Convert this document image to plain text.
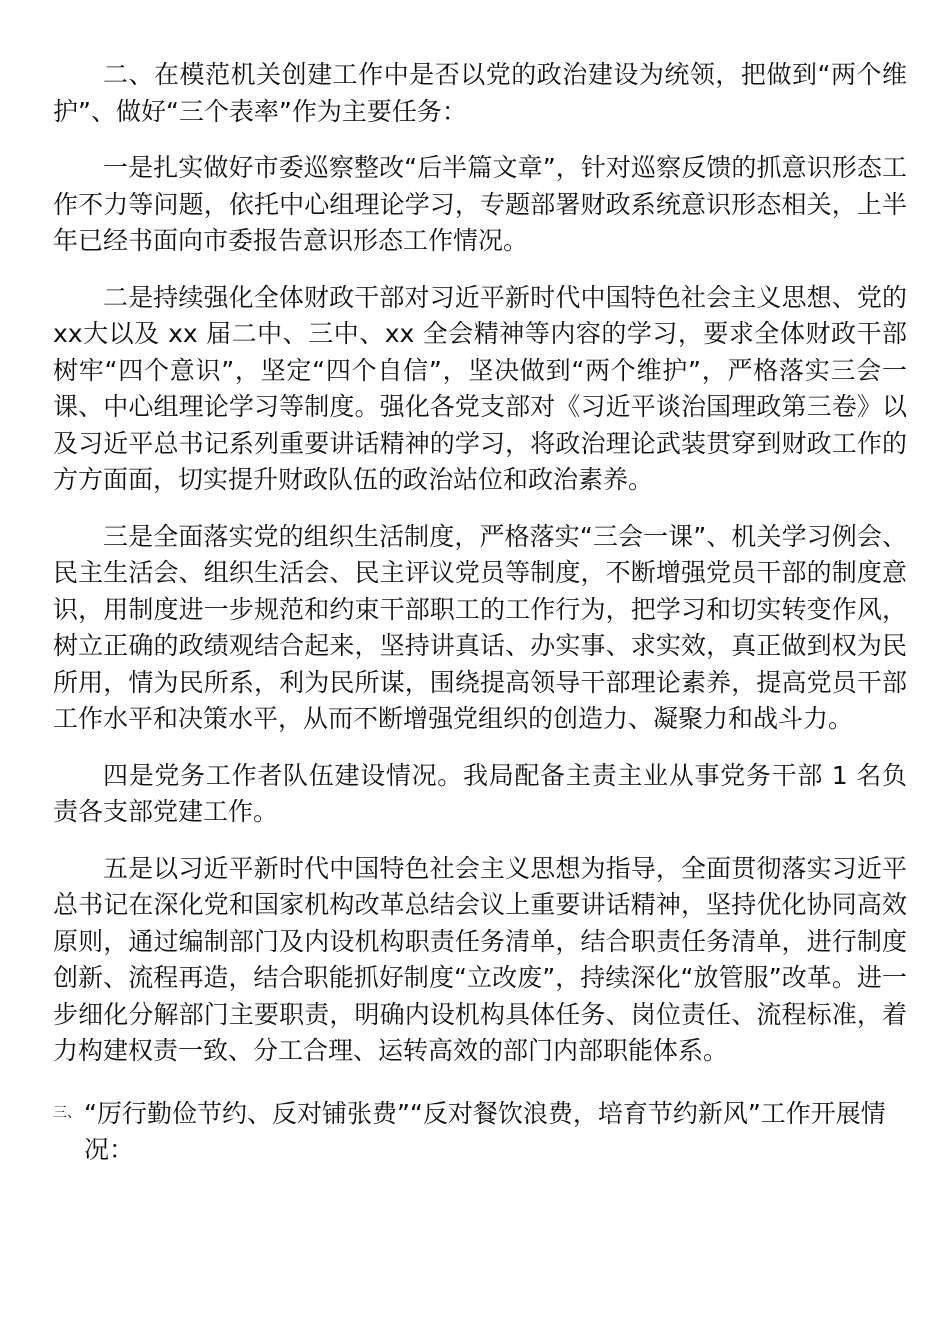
二、在模范机关创建工作中是否以党的政治建设为统领，把做到“两个维护”、做好“三个表率”作为主要任务：

一是扎实做好市委巡察整改“后半篇文章”，针对巡察反馈的抓意识形态工作不力等问题，依托中心组理论学习，专题部署财政系统意识形态相关，上半年已经书面向市委报告意识形态工作情况。

二是持续强化全体财政干部对习近平新时代中国特色社会主义思想、党的 xx大以及 xx 届二中、三中、xx 全会精神等内容的学习，要求全体财政干部树牢“四个意识”，坚定“四个自信”，坚决做到“两个维护”，严格落实三会一课、中心组理论学习等制度。强化各党支部对《习近平谈治国理政第三卷》以及习近平总书记系列重要讲话精神的学习，将政治理论武装贯穿到财政工作的方方面面，切实提升财政队伍的政治站位和政治素养。

三是全面落实党的组织生活制度，严格落实“三会一课”、机关学习例会、民主生活会、组织生活会、民主评议党员等制度，不断增强党员干部的制度意识，用制度进一步规范和约束干部职工的工作行为，把学习和切实转变作风，树立正确的政绩观结合起来，坚持讲真话、办实事、求实效，真正做到权为民所用，情为民所系，利为民所谋，围绕提高领导干部理论素养，提高党员干部工作水平和决策水平，从而不断增强党组织的创造力、凝聚力和战斗力。

四是党务工作者队伍建设情况。我局配备主责主业从事党务干部 1 名负责各支部党建工作。

五是以习近平新时代中国特色社会主义思想为指导，全面贯彻落实习近平总书记在深化党和国家机构改革总结会议上重要讲话精神，坚持优化协同高效原则，通过编制部门及内设机构职责任务清单，结合职责任务清单，进行制度创新、流程再造，结合职能抓好制度“立改废”，持续深化“放管服”改革。进一步细化分解部门主要职责，明确内设机构具体任务、岗位责任、流程标准，着力构建权责一致、分工合理、运转高效的部门内部职能体系。

三、 “厉行勤俭节约、反对铺张费”“反对餐饮浪费，培育节约新风”工作开展情况：
